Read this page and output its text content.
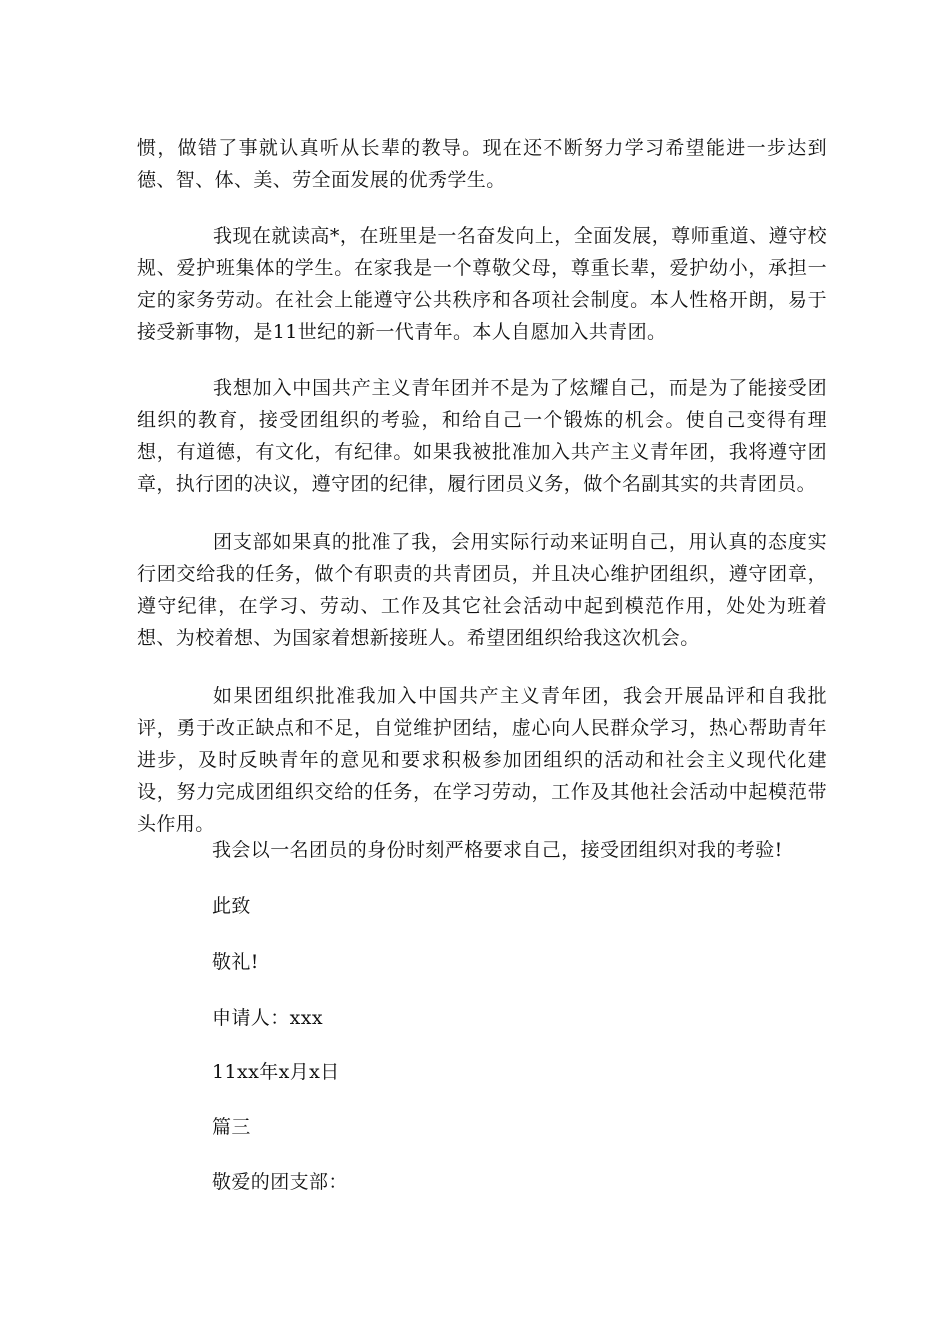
惯，做错了事就认真听从长辈的教导。现在还不断努力学习希望能进一步达到德、智、体、美、劳全面发展的优秀学生。

我现在就读高*，在班里是一名奋发向上，全面发展，尊师重道、遵守校规、爱护班集体的学生。在家我是一个尊敬父母，尊重长辈，爱护幼小，承担一定的家务劳动。在社会上能遵守公共秩序和各项社会制度。本人性格开朗，易于接受新事物，是11世纪的新一代青年。本人自愿加入共青团。

我想加入中国共产主义青年团并不是为了炫耀自己，而是为了能接受团组织的教育，接受团组织的考验，和给自己一个锻炼的机会。使自己变得有理想，有道德，有文化，有纪律。如果我被批准加入共产主义青年团，我将遵守团章，执行团的决议，遵守团的纪律，履行团员义务，做个名副其实的共青团员。

团支部如果真的批准了我，会用实际行动来证明自己，用认真的态度实行团交给我的任务，做个有职责的共青团员，并且决心维护团组织，遵守团章，遵守纪律，在学习、劳动、工作及其它社会活动中起到模范作用，处处为班着想、为校着想、为国家着想新接班人。希望团组织给我这次机会。

如果团组织批准我加入中国共产主义青年团，我会开展品评和自我批评，勇于改正缺点和不足，自觉维护团结，虚心向人民群众学习，热心帮助青年进步，及时反映青年的意见和要求积极参加团组织的活动和社会主义现代化建设，努力完成团组织交给的任务，在学习劳动，工作及其他社会活动中起模范带头作用。

我会以一名团员的身份时刻严格要求自己，接受团组织对我的考验!

此致

敬礼!

申请人：xxx

11xx年x月x日

篇三

敬爱的团支部：
